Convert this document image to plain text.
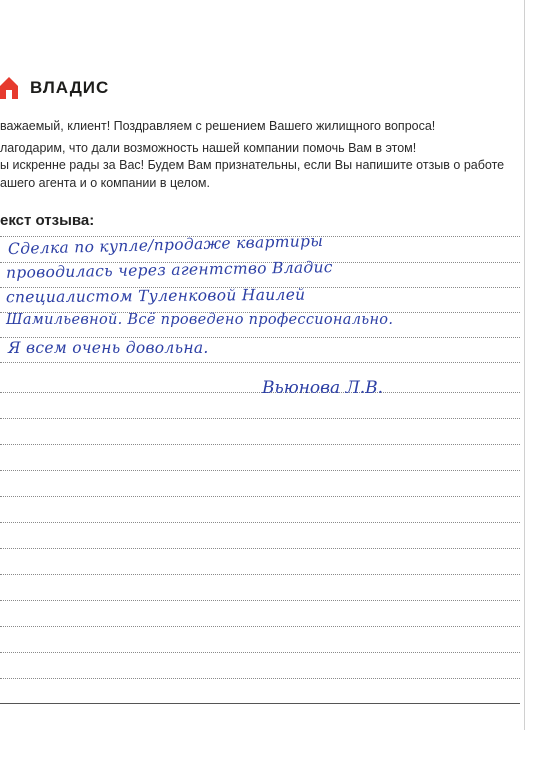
ВЛАДИС

важаемый, клиент! Поздравляем с решением Вашего жилищного вопроса!

лагодарим, что дали возможность нашей компании помочь Вам в этом!

ы искренне рады за Вас! Будем Вам признательны, если Вы напишите отзыв о работе

ашего агента и о компании в целом.

екст отзыва:
Сделка по купле/продаже квартиры
проводилась через агентство Владис
специалистом Туленковой Наилей
Шамильевной. Всё проведено профессионально.
Я всем очень довольна.
Вьюнова Л.В.
